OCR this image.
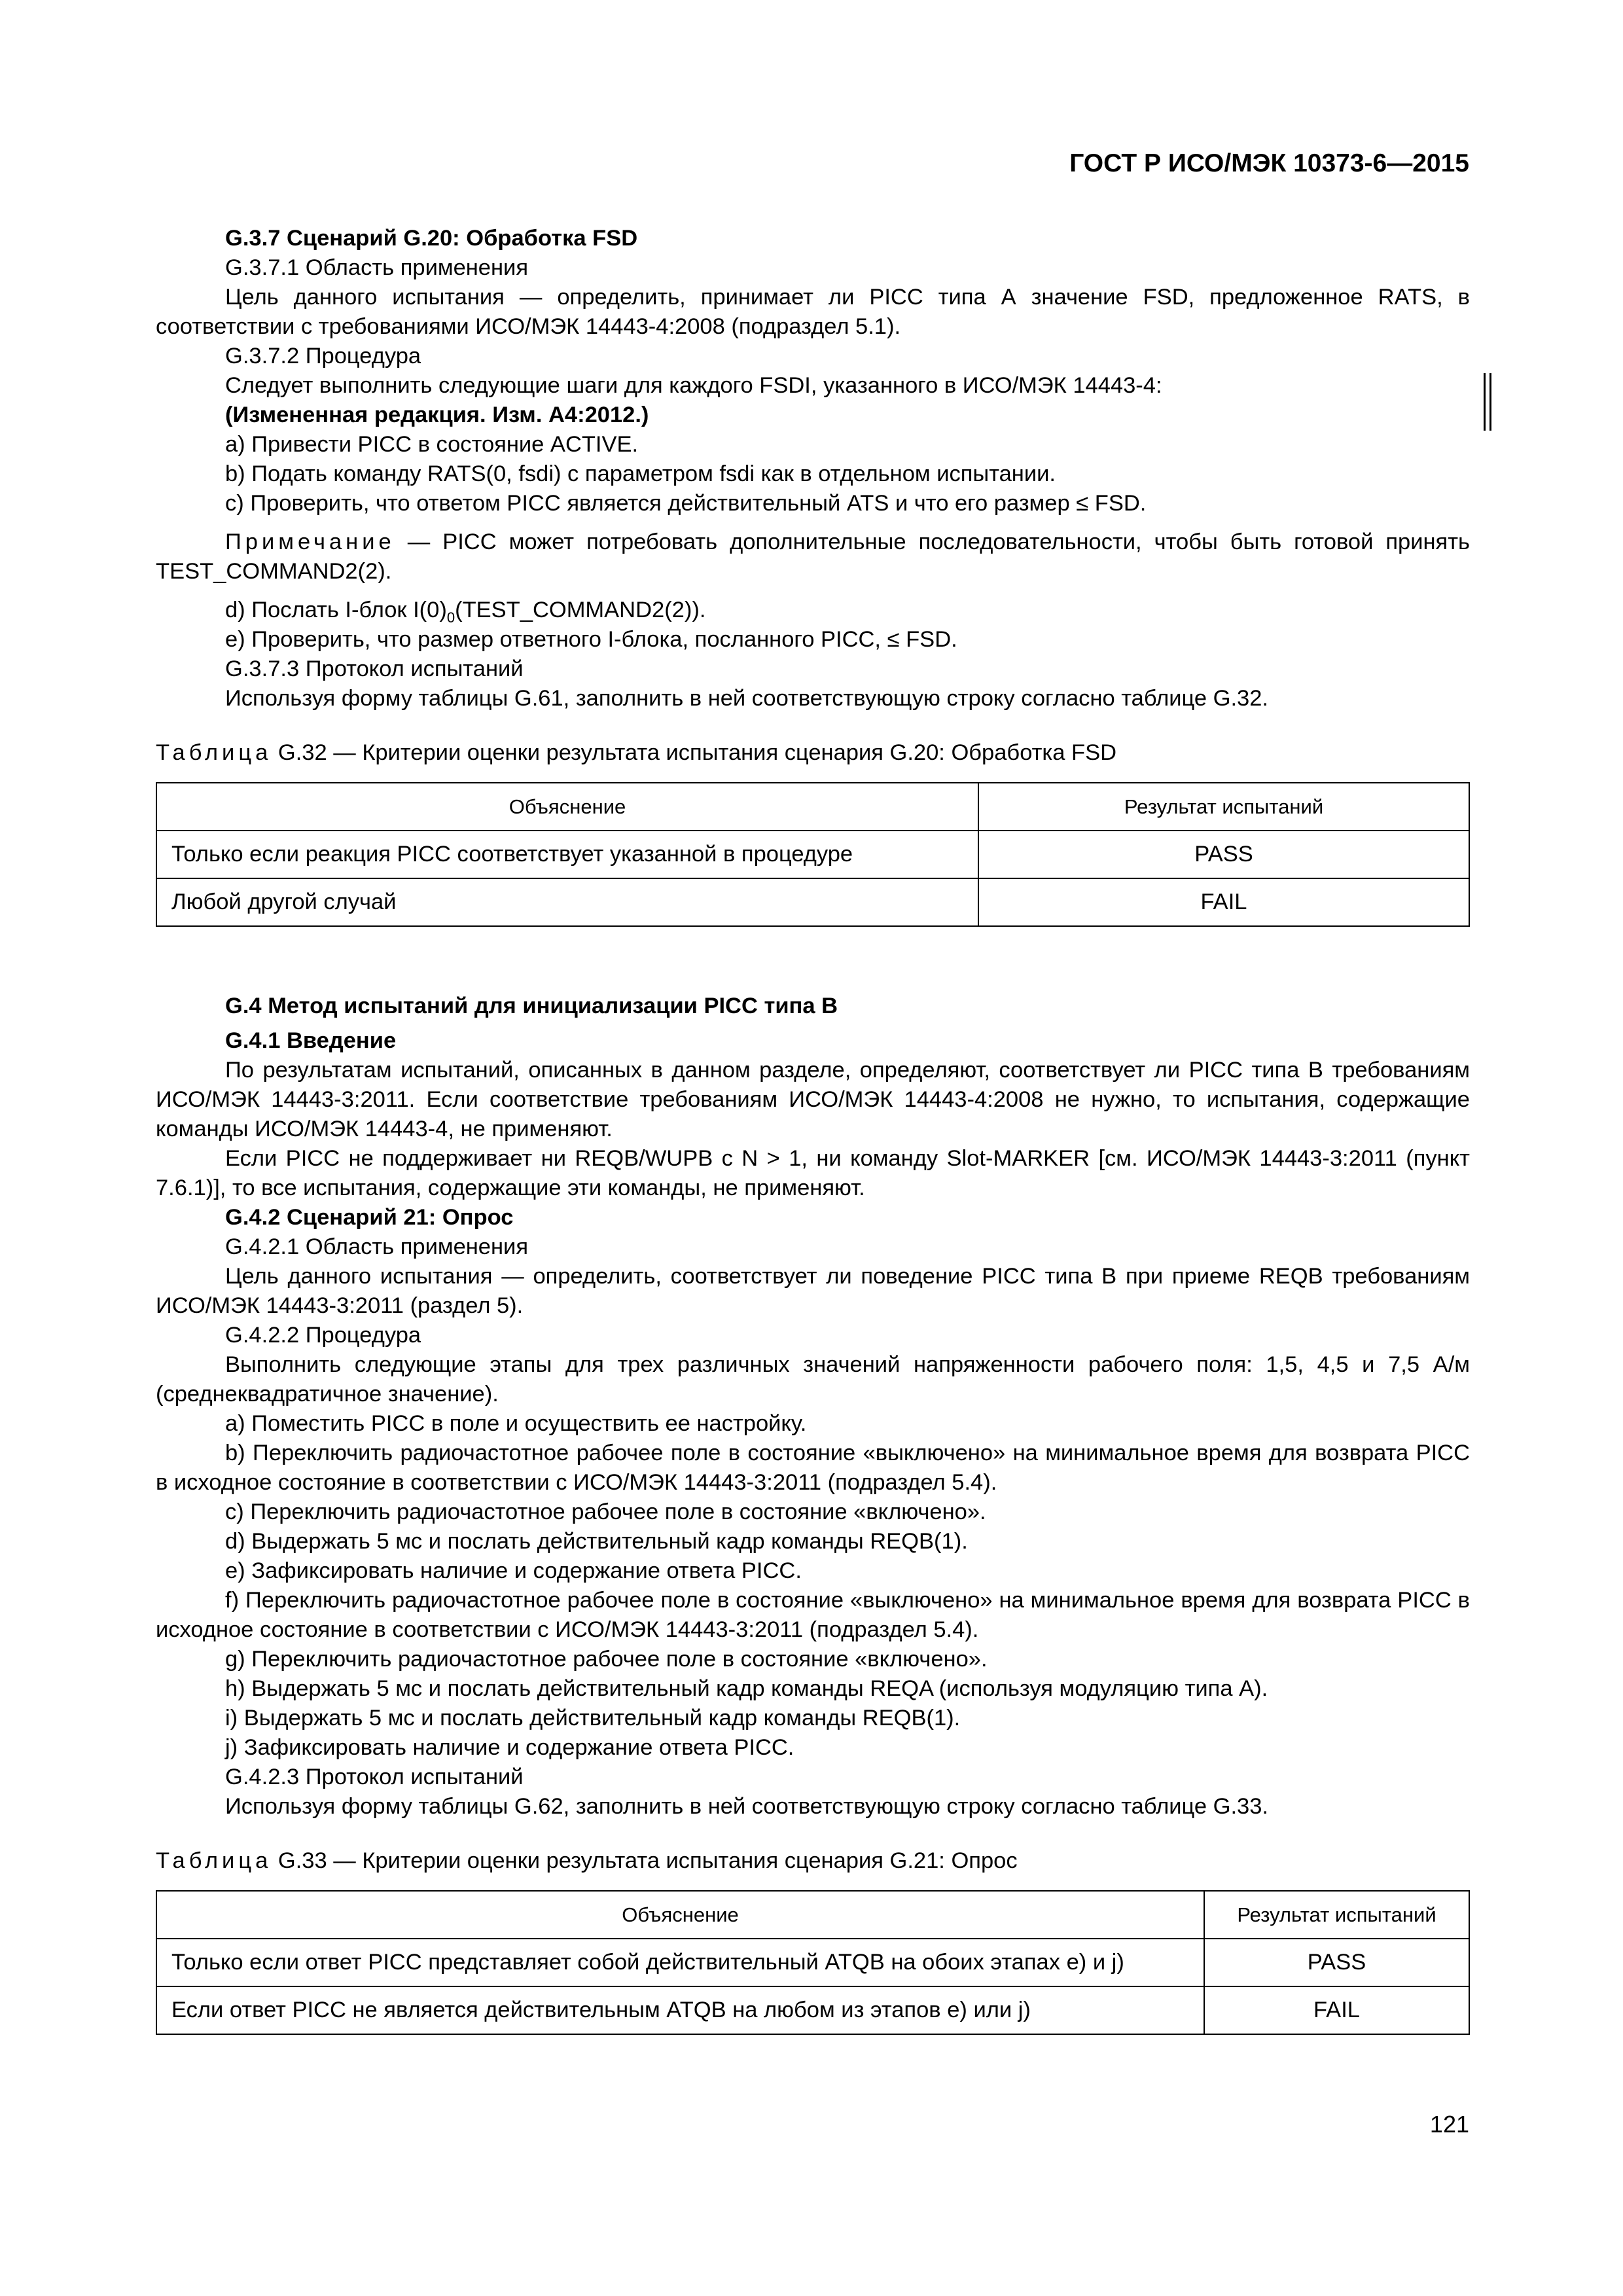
ГОСТ Р ИСО/МЭК 10373-6—2015

G.3.7 Сценарий G.20: Обработка FSD

G.3.7.1 Область применения

Цель данного испытания — определить, принимает ли PICC типа А значение FSD, предложенное RATS, в соответствии с требованиями ИСО/МЭК 14443-4:2008 (подраздел 5.1).

G.3.7.2 Процедура

Следует выполнить следующие шаги для каждого FSDI, указанного в ИСО/МЭК 14443-4:

(Измененная редакция. Изм. А4:2012.)

a) Привести PICC в состояние ACTIVE.

b) Подать команду RATS(0, fsdi) с параметром fsdi как в отдельном испытании.

c) Проверить, что ответом PICC является действительный ATS и что его размер ≤ FSD.

Примечание — PICC может потребовать дополнительные последовательности, чтобы быть готовой принять TEST_COMMAND2(2).

d) Послать I-блок $I(0)_0(TEST\_COMMAND2(2))$.

e) Проверить, что размер ответного I-блока, посланного PICC, ≤ FSD.

G.3.7.3 Протокол испытаний

Используя форму таблицы G.61, заполнить в ней соответствующую строку согласно таблице G.32.

Таблица G.32 — Критерии оценки результата испытания сценария G.20: Обработка FSD

Объяснение	Результат испытаний
Только если реакция PICC соответствует указанной в процедуре	PASS
Любой другой случай	FAIL

G.4 Метод испытаний для инициализации PICC типа В

G.4.1 Введение

По результатам испытаний, описанных в данном разделе, определяют, соответствует ли PICC типа В требованиям ИСО/МЭК 14443-3:2011. Если соответствие требованиям ИСО/МЭК 14443-4:2008 не нужно, то испытания, содержащие команды ИСО/МЭК 14443-4, не применяют.

Если PICC не поддерживает ни REQB/WUPB с N > 1, ни команду Slot-MARKER [см. ИСО/МЭК 14443-3:2011 (пункт 7.6.1)], то все испытания, содержащие эти команды, не применяют.

G.4.2 Сценарий 21: Опрос

G.4.2.1 Область применения

Цель данного испытания — определить, соответствует ли поведение PICC типа В при приеме REQB требованиям ИСО/МЭК 14443-3:2011 (раздел 5).

G.4.2.2 Процедура

Выполнить следующие этапы для трех различных значений напряженности рабочего поля: 1,5, 4,5 и 7,5 А/м (среднеквадратичное значение).

a) Поместить PICC в поле и осуществить ее настройку.

b) Переключить радиочастотное рабочее поле в состояние «выключено» на минимальное время для возврата PICC в исходное состояние в соответствии с ИСО/МЭК 14443-3:2011 (подраздел 5.4).

c) Переключить радиочастотное рабочее поле в состояние «включено».

d) Выдержать 5 мс и послать действительный кадр команды REQB(1).

e) Зафиксировать наличие и содержание ответа PICC.

f) Переключить радиочастотное рабочее поле в состояние «выключено» на минимальное время для возврата PICC в исходное состояние в соответствии с ИСО/МЭК 14443-3:2011 (подраздел 5.4).

g) Переключить радиочастотное рабочее поле в состояние «включено».

h) Выдержать 5 мс и послать действительный кадр команды REQA (используя модуляцию типа А).

i) Выдержать 5 мс и послать действительный кадр команды REQB(1).

j) Зафиксировать наличие и содержание ответа PICC.

G.4.2.3 Протокол испытаний

Используя форму таблицы G.62, заполнить в ней соответствующую строку согласно таблице G.33.

Таблица G.33 — Критерии оценки результата испытания сценария G.21: Опрос

Объяснение	Результат испытаний
Только если ответ PICC представляет собой действительный ATQB на обоих этапах e) и j)	PASS
Если ответ PICC не является действительным ATQB на любом из этапов e) или j)	FAIL
121
